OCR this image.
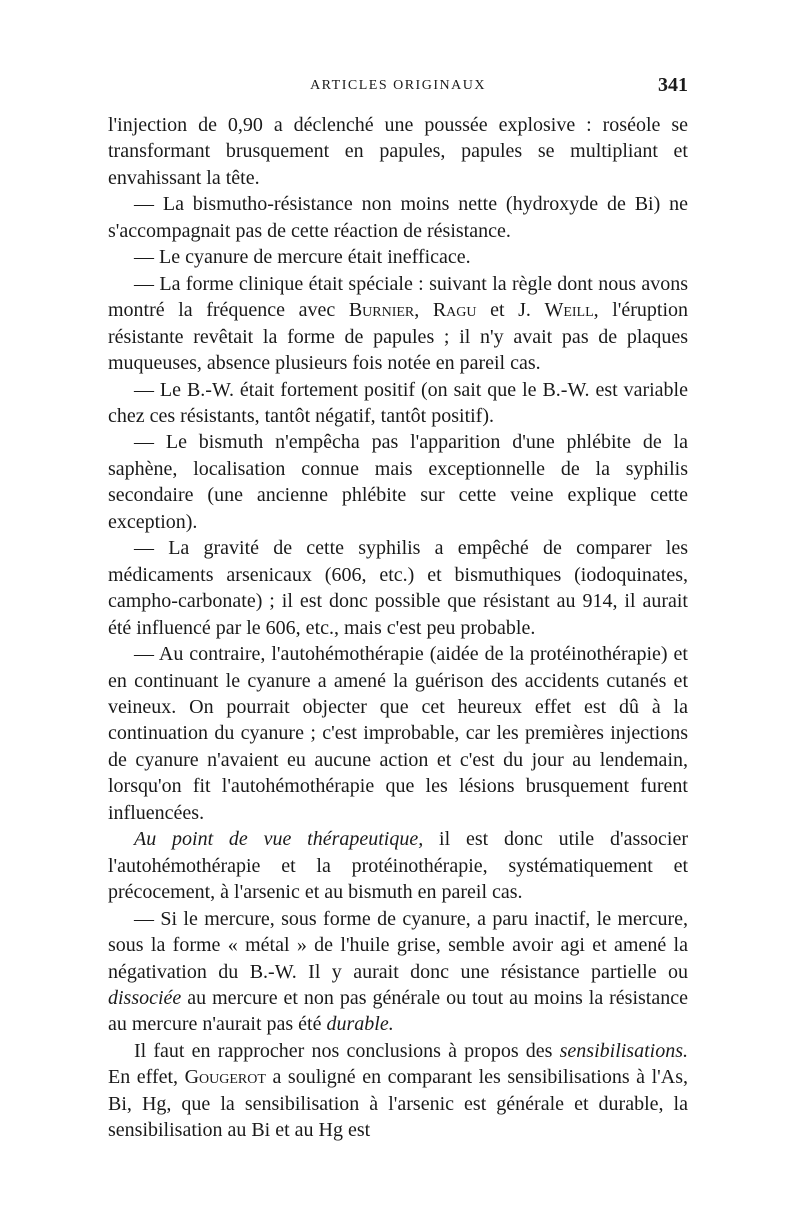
ARTICLES ORIGINAUX	341

l'injection de 0,90 a déclenché une poussée explosive : roséole se transformant brusquement en papules, papules se multipliant et envahissant la tête.

— La bismutho-résistance non moins nette (hydroxyde de Bi) ne s'accompagnait pas de cette réaction de résistance.

— Le cyanure de mercure était inefficace.

— La forme clinique était spéciale : suivant la règle dont nous avons montré la fréquence avec Burnier, Ragu et J. Weill, l'éruption résistante revêtait la forme de papules ; il n'y avait pas de plaques muqueuses, absence plusieurs fois notée en pareil cas.

— Le B.-W. était fortement positif (on sait que le B.-W. est variable chez ces résistants, tantôt négatif, tantôt positif).

— Le bismuth n'empêcha pas l'apparition d'une phlébite de la saphène, localisation connue mais exceptionnelle de la syphilis secondaire (une ancienne phlébite sur cette veine explique cette exception).

— La gravité de cette syphilis a empêché de comparer les médicaments arsenicaux (606, etc.) et bismuthiques (iodoquinates, campho-carbonate) ; il est donc possible que résistant au 914, il aurait été influencé par le 606, etc., mais c'est peu probable.

— Au contraire, l'autohémothérapie (aidée de la protéinothérapie) et en continuant le cyanure a amené la guérison des accidents cutanés et veineux. On pourrait objecter que cet heureux effet est dû à la continuation du cyanure ; c'est improbable, car les premières injections de cyanure n'avaient eu aucune action et c'est du jour au lendemain, lorsqu'on fit l'autohémothérapie que les lésions brusquement furent influencées.

Au point de vue thérapeutique, il est donc utile d'associer l'autohémothérapie et la protéinothérapie, systématiquement et précocement, à l'arsenic et au bismuth en pareil cas.

— Si le mercure, sous forme de cyanure, a paru inactif, le mercure, sous la forme « métal » de l'huile grise, semble avoir agi et amené la négativation du B.-W. Il y aurait donc une résistance partielle ou dissociée au mercure et non pas générale ou tout au moins la résistance au mercure n'aurait pas été durable.

Il faut en rapprocher nos conclusions à propos des sensibilisations. En effet, Gougerot a souligné en comparant les sensibilisations à l'As, Bi, Hg, que la sensibilisation à l'arsenic est générale et durable, la sensibilisation au Bi et au Hg est
